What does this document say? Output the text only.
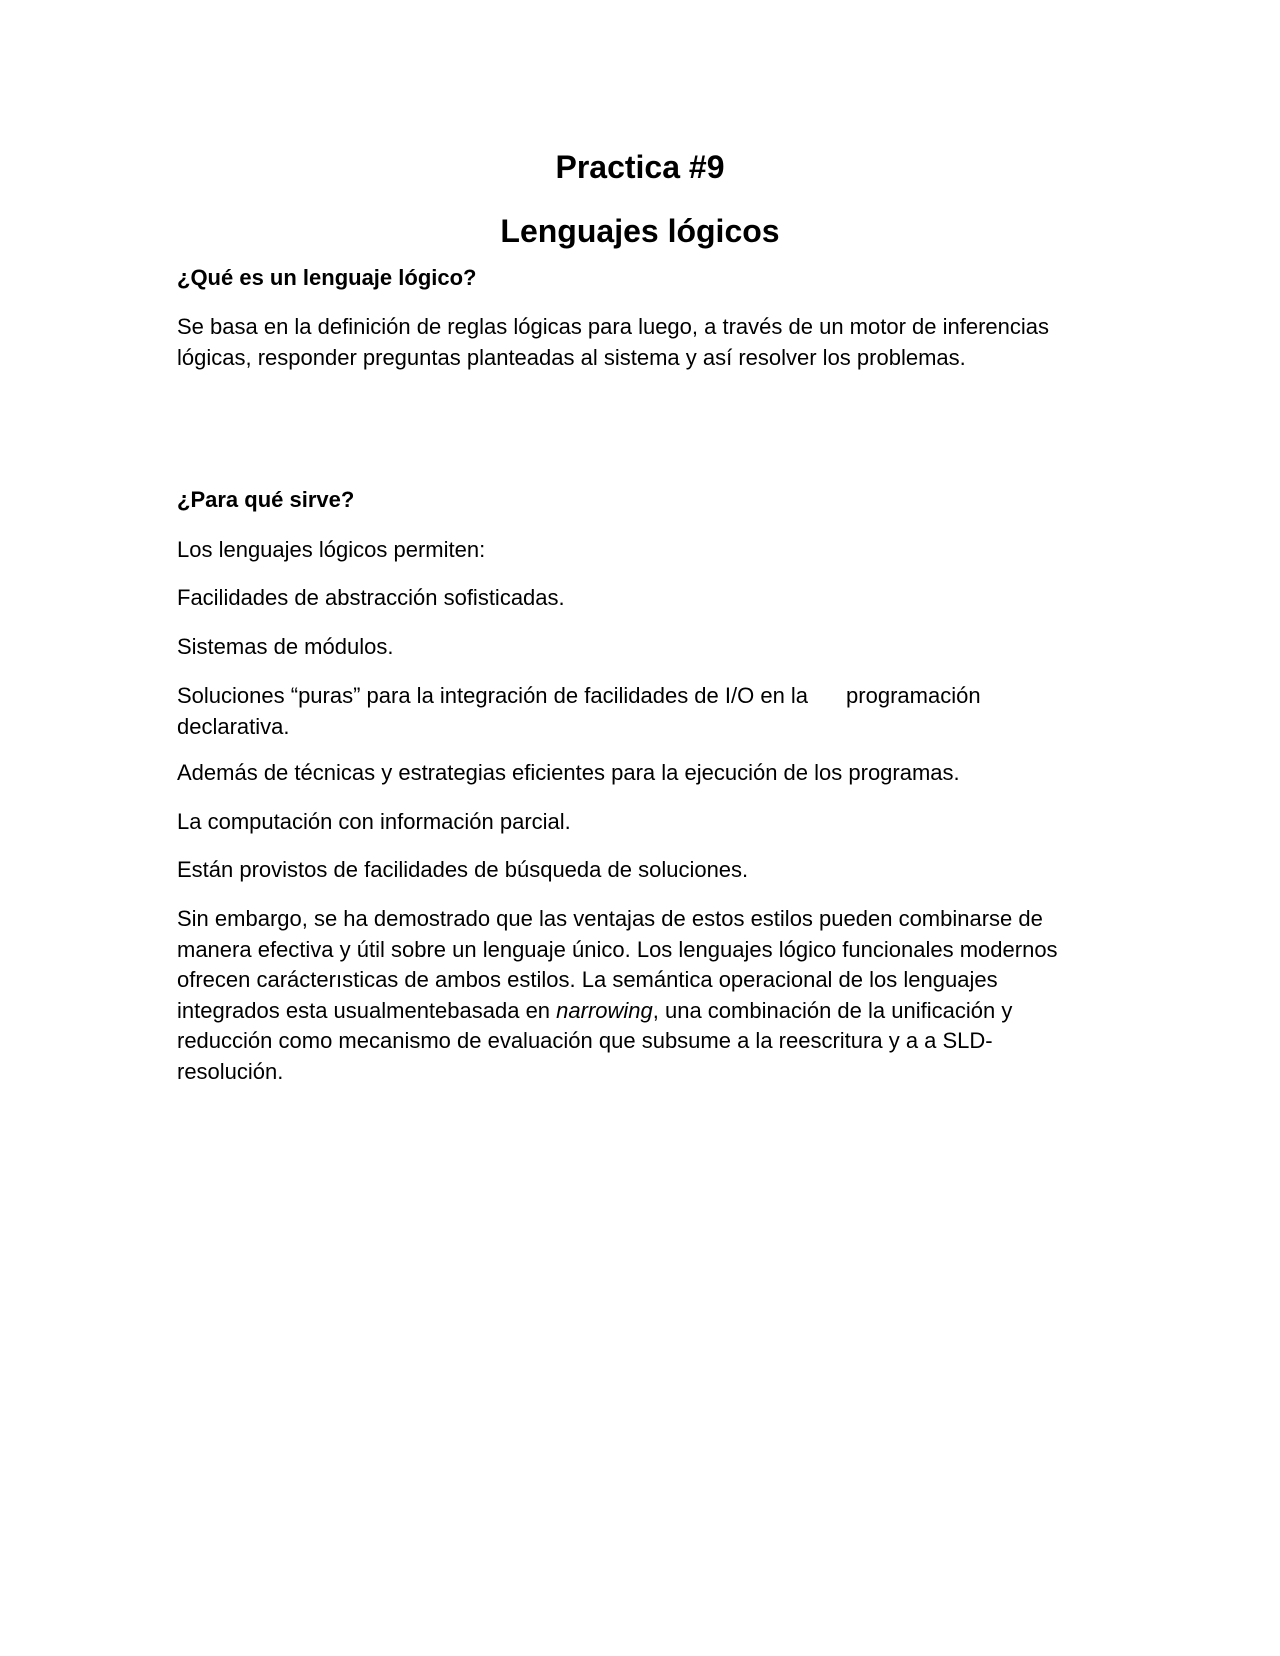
Practica #9
Lenguajes lógicos

¿Qué es un lenguaje lógico?

Se basa en la definición de reglas lógicas para luego, a través de un motor de inferencias
lógicas, responder preguntas planteadas al sistema y así resolver los problemas.

¿Para qué sirve?

Los lenguajes lógicos permiten:

Facilidades de abstracción sofisticadas.

Sistemas de módulos.

Soluciones “puras” para la integración de facilidades de I/O en la programación
declarativa.

Además de técnicas y estrategias eficientes para la ejecución de los programas.

La computación con información parcial.

Están provistos de facilidades de búsqueda de soluciones.

Sin embargo, se ha demostrado que las ventajas de estos estilos pueden combinarse de
manera efectiva y útil sobre un lenguaje único. Los lenguajes lógico funcionales modernos
ofrecen carácterısticas de ambos estilos. La semántica operacional de los lenguajes
integrados esta usualmentebasada en narrowing, una combinación de la unificación y
reducción como mecanismo de evaluación que subsume a la reescritura y a a SLD-
resolución.
